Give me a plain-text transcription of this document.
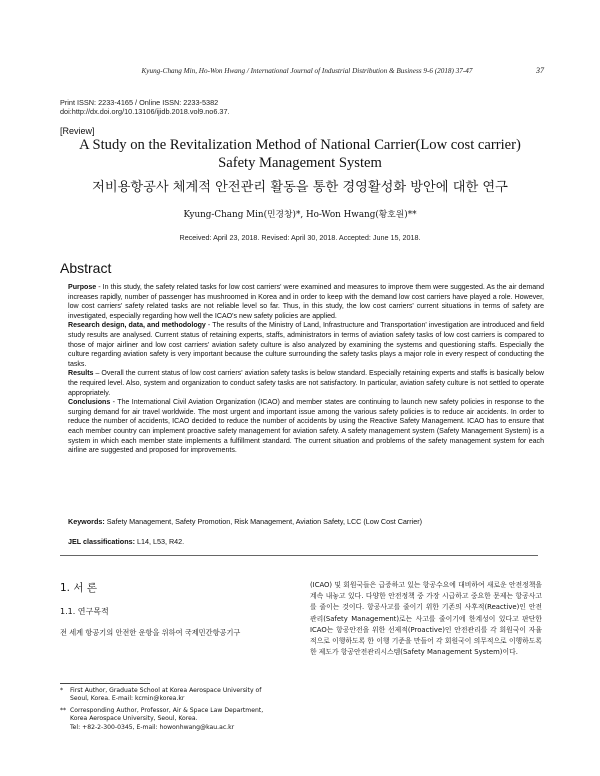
Kyung-Chang Min, Ho-Won Hwang / International Journal of Industrial Distribution & Business 9-6 (2018) 37-47	37
Print ISSN: 2233-4165 / Online ISSN: 2233-5382
doi:http://dx.doi.org/10.13106/ijidb.2018.vol9.no6.37.
[Review]
A Study on the Revitalization Method of National Carrier(Low cost carrier)
Safety Management System
저비용항공사 체계적 안전관리 활동을 통한 경영활성화 방안에 대한 연구
Kyung-Chang Min(민경창)*, Ho-Won Hwang(황호원)**
Received: April 23, 2018. Revised: April 30, 2018. Accepted: June 15, 2018.
Abstract

Purpose - In this study, the safety related tasks for low cost carriers' were examined and measures to improve them were suggested. As the air demand increases rapidly, number of passenger has mushroomed in Korea and in order to keep with the demand low cost carriers have played a role. However, low cost carriers' safety related tasks are not reliable level so far. Thus, in this study, the low cost carriers' current situations in terms of safety are investigated, especially regarding how well the ICAO's new safety policies are applied.

Research design, data, and methodology - The results of the Ministry of Land, Infrastructure and Transportation' investigation are introduced and field study results are analysed. Current status of retaining experts, staffs, administrators in terms of aviation safety tasks of low cost carriers is compared to those of major airliner and low cost carriers' aviation safety culture is also analyzed by examining the systems and questioning staffs. Especially the culture regarding aviation safety is very important because the culture surrounding the safety tasks plays a major role in every respect of conducting the tasks.

Results – Overall the current status of low cost carriers' aviation safety tasks is below standard. Especially retaining experts and staffs is basically below the required level. Also, system and organization to conduct safety tasks are not satisfactory. In particular, aviation safety culture is not settled to operate appropriately.

Conclusions - The International Civil Aviation Organization (ICAO) and member states are continuing to launch new safety policies in response to the surging demand for air travel worldwide. The most urgent and important issue among the various safety policies is to reduce air accidents. In order to reduce the number of accidents, ICAO decided to reduce the number of accidents by using the Reactive Safety Management. ICAO has to ensure that each member country can implement proactive safety management for aviation safety. A safety management system (Safety Management System) is a system in which each member state implements a fulfillment standard. The current situation and problems of the safety management system for each airline are suggested and proposed for improvements.

Keywords: Safety Management, Safety Promotion, Risk Management, Aviation Safety, LCC (Low Cost Carrier)
JEL classifications: L14, L53, R42.
1. 서 론
1.1. 연구목적
전 세계 항공기의 안전한 운항을 위하여 국제민간항공기구
(ICAO) 및 회원국들은 급증하고 있는 항공수요에 대비하여 새로운 안전정책을 계속 내놓고 있다. 다양한 안전정책 중 가장 시급하고 중요한 문제는 항공사고를 줄이는 것이다. 항공사고를 줄이기 위한 기존의 사후적(Reactive)인 안전관리(Safety Management)로는 사고를 줄이기에 한계성이 있다고 판단한 ICAO는 항공안전을 위한 선제적(Proactive)인 안전관리를 각 회원국이 자율적으로 이행하도록 한 이행 기준을 만들어 각 회원국이 의무적으로 이행하도록 한 제도가 항공안전관리시스템(Safety Management System)이다.
*	First Author, Graduate School at Korea Aerospace University of
Seoul, Korea. E-mail: kcmin@korea.kr
** Corresponding Author, Professor, Air & Space Law Department,
Korea Aerospace University, Seoul, Korea.
Tel: +82-2-300-0345, E-mail: howonhwang@kau.ac.kr
